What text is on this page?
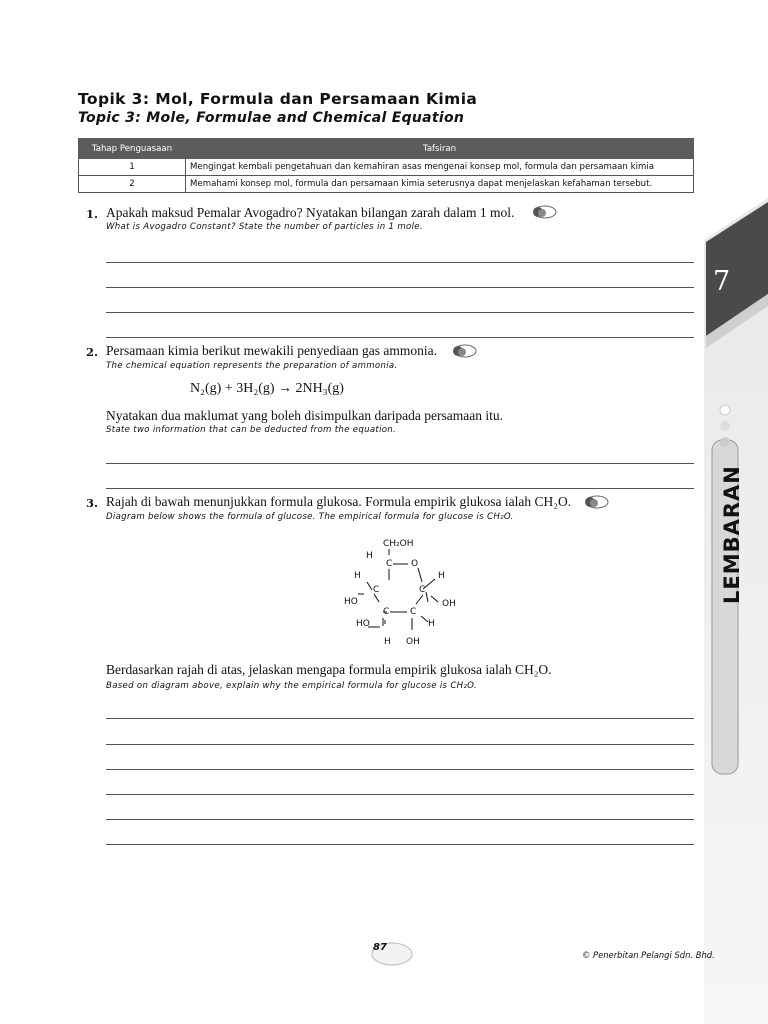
Topik 3: Mol, Formula dan Persamaan Kimia
Topic 3: Mole, Formulae and Chemical Equation
Tahap Penguasaan	Tafsiran
1	Mengingat kembali pengetahuan dan kemahiran asas mengenai konsep mol, formula dan persamaan kimia
2	Memahami konsep mol, formula dan persamaan kimia seterusnya dapat menjelaskan kefahaman tersebut.
1. Apakah maksud Pemalar Avogadro? Nyatakan bilangan zarah dalam 1 mol.
What is Avogadro Constant? State the number of particles in 1 mole.
2. Persamaan kimia berikut mewakili penyediaan gas ammonia.
The chemical equation represents the preparation of ammonia.
N₂(g) + 3H₂(g) → 2NH₃(g)
Nyatakan dua maklumat yang boleh disimpulkan daripada persamaan itu.
State two information that can be deducted from the equation.
3. Rajah di bawah menunjukkan formula glukosa. Formula empirik glukosa ialah CH₂O.
Diagram below shows the formula of glucose. The empirical formula for glucose is CH₂O.
CH₂OH
H
C O
H	H
C	C
HO	OH
C C
HO	H
H OH
Berdasarkan rajah di atas, jelaskan mengapa formula empirik glukosa ialah CH₂O.
Based on diagram above, explain why the empirical formula for glucose is CH₂O.
7
LEMBARAN
87
© Penerbitan Pelangi Sdn. Bhd.
